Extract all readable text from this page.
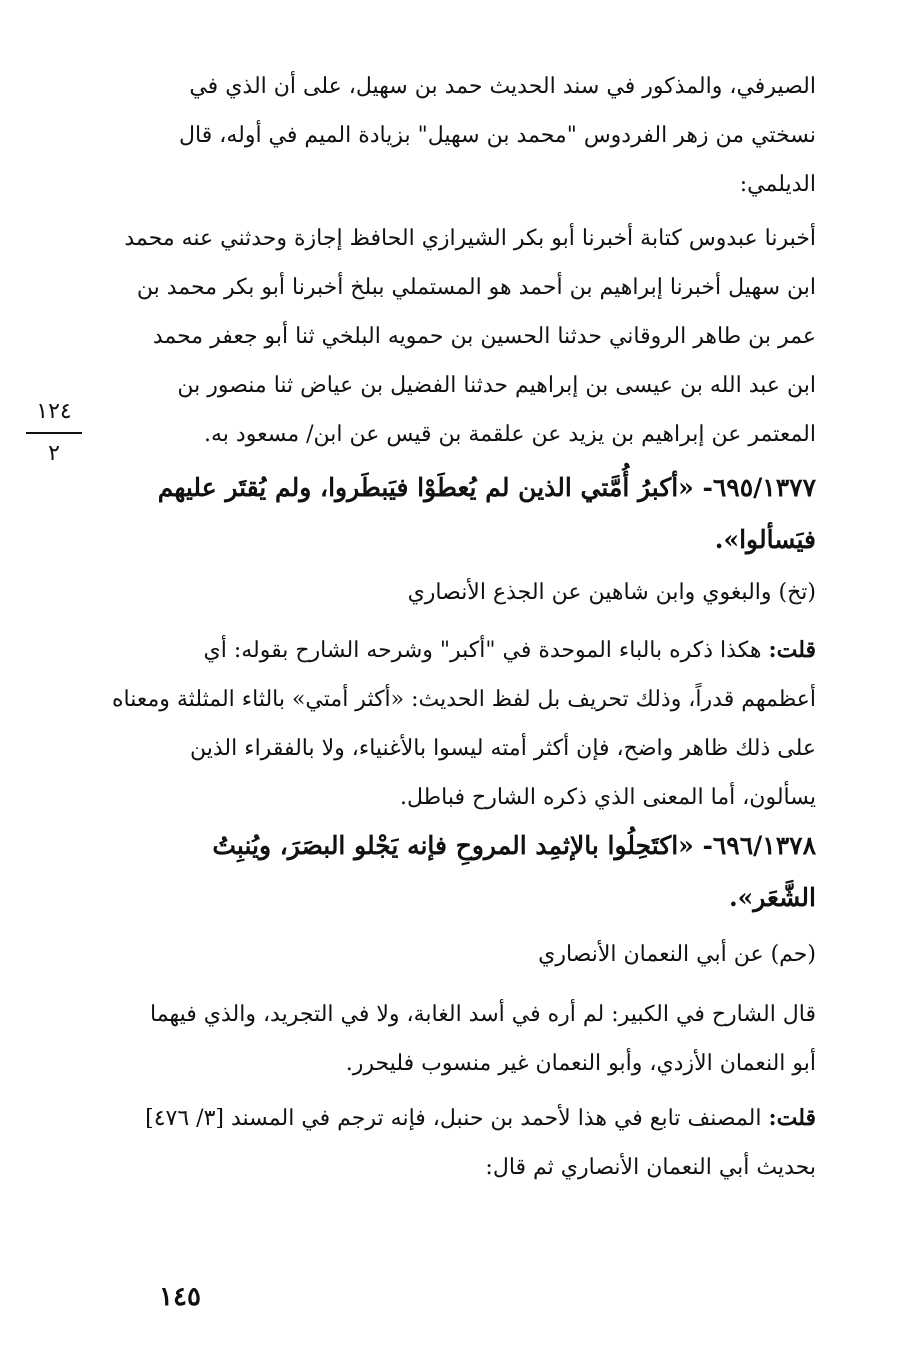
الصيرفي، والمذكور في سند الحديث حمد بن سهيل، على أن الذي في
نسختي من زهر الفردوس "محمد بن سهيل" بزيادة الميم في أوله، قال
الديلمي:
أخبرنا عبدوس كتابة أخبرنا أبو بكر الشيرازي الحافظ إجازة وحدثني عنه محمد
ابن سهيل أخبرنا إبراهيم بن أحمد هو المستملي ببلخ أخبرنا أبو بكر محمد بن
عمر بن طاهر الروقاني حدثنا الحسين بن حمويه البلخي ثنا أبو جعفر محمد
ابن عبد الله بن عيسى بن إبراهيم حدثنا الفضيل بن عياض ثنا منصور بن
المعتمر عن إبراهيم بن يزيد عن علقمة بن قيس عن ابن/ مسعود به.
١٢٤
٢
٦٩٥/١٣٧٧- «أكبرُ أُمَّتي الذين لم يُعطَوْا فيَبطَروا، ولم يُقتَر عليهم
فيَسألوا».
(تخ) والبغوي وابن شاهين عن الجذع الأنصاري
قلت: هكذا ذكره بالباء الموحدة في "أكبر" وشرحه الشارح بقوله: أي
أعظمهم قدراً، وذلك تحريف بل لفظ الحديث: «أكثر أمتي» بالثاء المثلثة ومعناه
على ذلك ظاهر واضح، فإن أكثر أمته ليسوا بالأغنياء، ولا بالفقراء الذين
يسألون، أما المعنى الذي ذكره الشارح فباطل.
٦٩٦/١٣٧٨- «اكتَحِلُوا بالإثمِد المروحِ فإنه يَجْلو البصَرَ، ويُنبِتُ
الشَّعَر».
(حم) عن أبي النعمان الأنصاري
قال الشارح في الكبير: لم أره في أسد الغابة، ولا في التجريد، والذي فيهما
أبو النعمان الأزدي، وأبو النعمان غير منسوب فليحرر.
قلت: المصنف تابع في هذا لأحمد بن حنبل، فإنه ترجم في المسند [٣/ ٤٧٦]
بحديث أبي النعمان الأنصاري ثم قال:
١٤٥
